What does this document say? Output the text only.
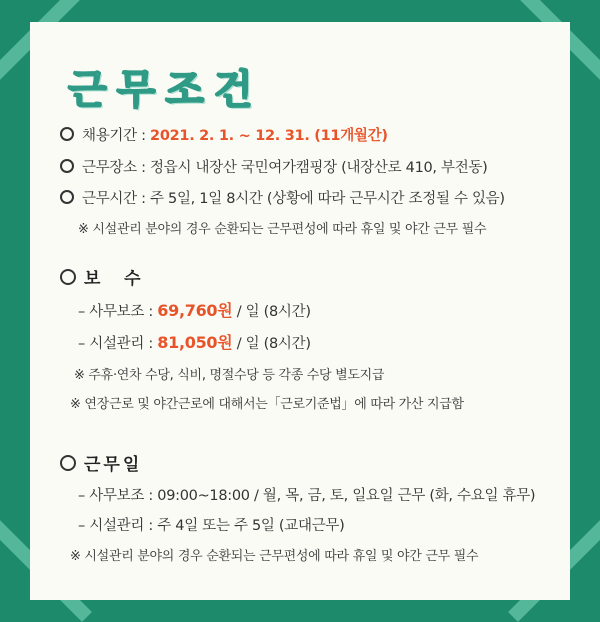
근무조건
채용기간 : 2021. 2. 1. ~ 12. 31. (11개월간)
근무장소 : 정읍시 내장산 국민여가캠핑장 (내장산로 410, 부전동)
근무시간 : 주 5일, 1일 8시간 (상황에 따라 근무시간 조정될 수 있음)
※ 시설관리 분야의 경우 순환되는 근무편성에 따라 휴일 및 야간 근무 필수
보    수
– 사무보조 : 69,760원 / 일 (8시간)
– 시설관리 : 81,050원 / 일 (8시간)
※ 주휴·연차 수당, 식비, 명절수당 등 각종 수당 별도지급
※ 연장근로 및 야간근로에 대해서는「근로기준법」에 따라 가산 지급함
근무일
– 사무보조 : 09:00~18:00 / 월, 목, 금, 토, 일요일 근무 (화, 수요일 휴무)
– 시설관리 : 주 4일 또는 주 5일 (교대근무)
※ 시설관리 분야의 경우 순환되는 근무편성에 따라 휴일 및 야간 근무 필수
